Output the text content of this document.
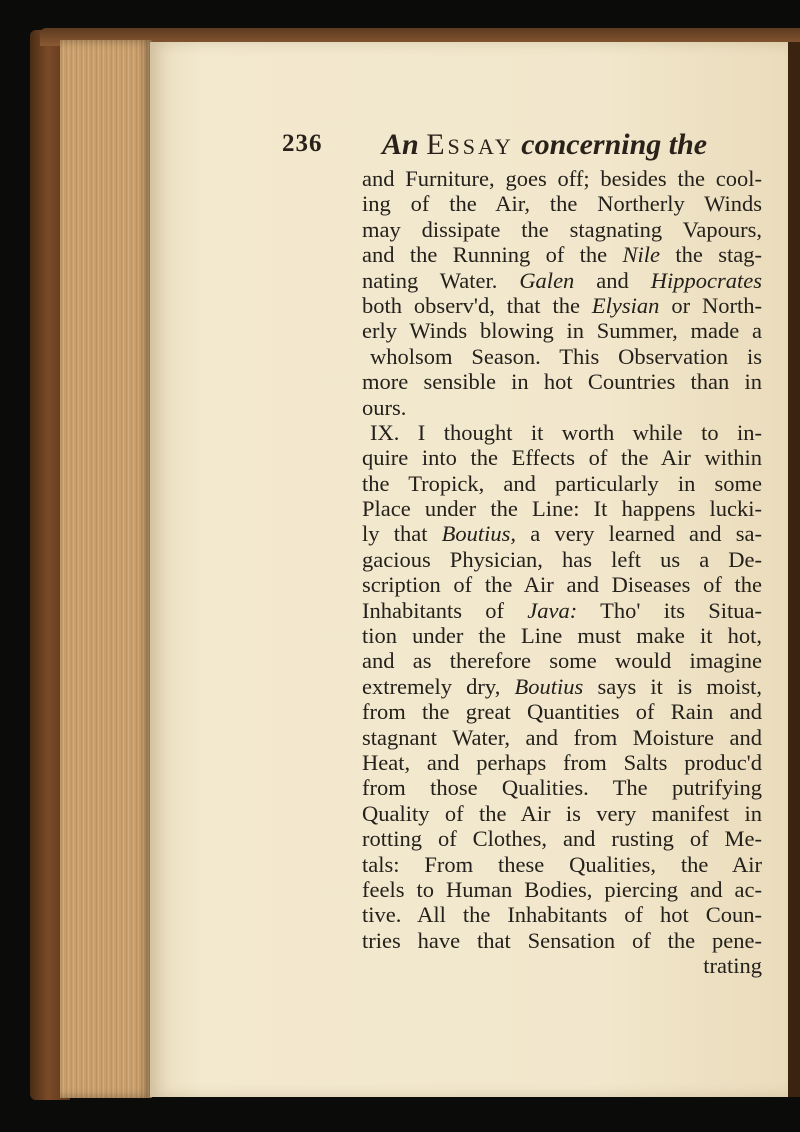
236 An ESSAY concerning the
and Furniture, goes off; besides the cool-
ing of the Air, the Northerly Winds
may dissipate the stagnating Vapours,
and the Running of the Nile the stag-
nating Water. Galen and Hippocrates
both observ'd, that the Elysian or North-
erly Winds blowing in Summer, made a
wholsom Season. This Observation is
more sensible in hot Countries than in
ours.
IX. I thought it worth while to in-
quire into the Effects of the Air within
the Tropick, and particularly in some
Place under the Line: It happens lucki-
ly that Boutius, a very learned and sa-
gacious Physician, has left us a De-
scription of the Air and Diseases of the
Inhabitants of Java: Tho' its Situa-
tion under the Line must make it hot,
and as therefore some would imagine
extremely dry, Boutius says it is moist,
from the great Quantities of Rain and
stagnant Water, and from Moisture and
Heat, and perhaps from Salts produc'd
from those Qualities. The putrifying
Quality of the Air is very manifest in
rotting of Clothes, and rusting of Me-
tals: From these Qualities, the Air
feels to Human Bodies, piercing and ac-
tive. All the Inhabitants of hot Coun-
tries have that Sensation of the pene-
trating
